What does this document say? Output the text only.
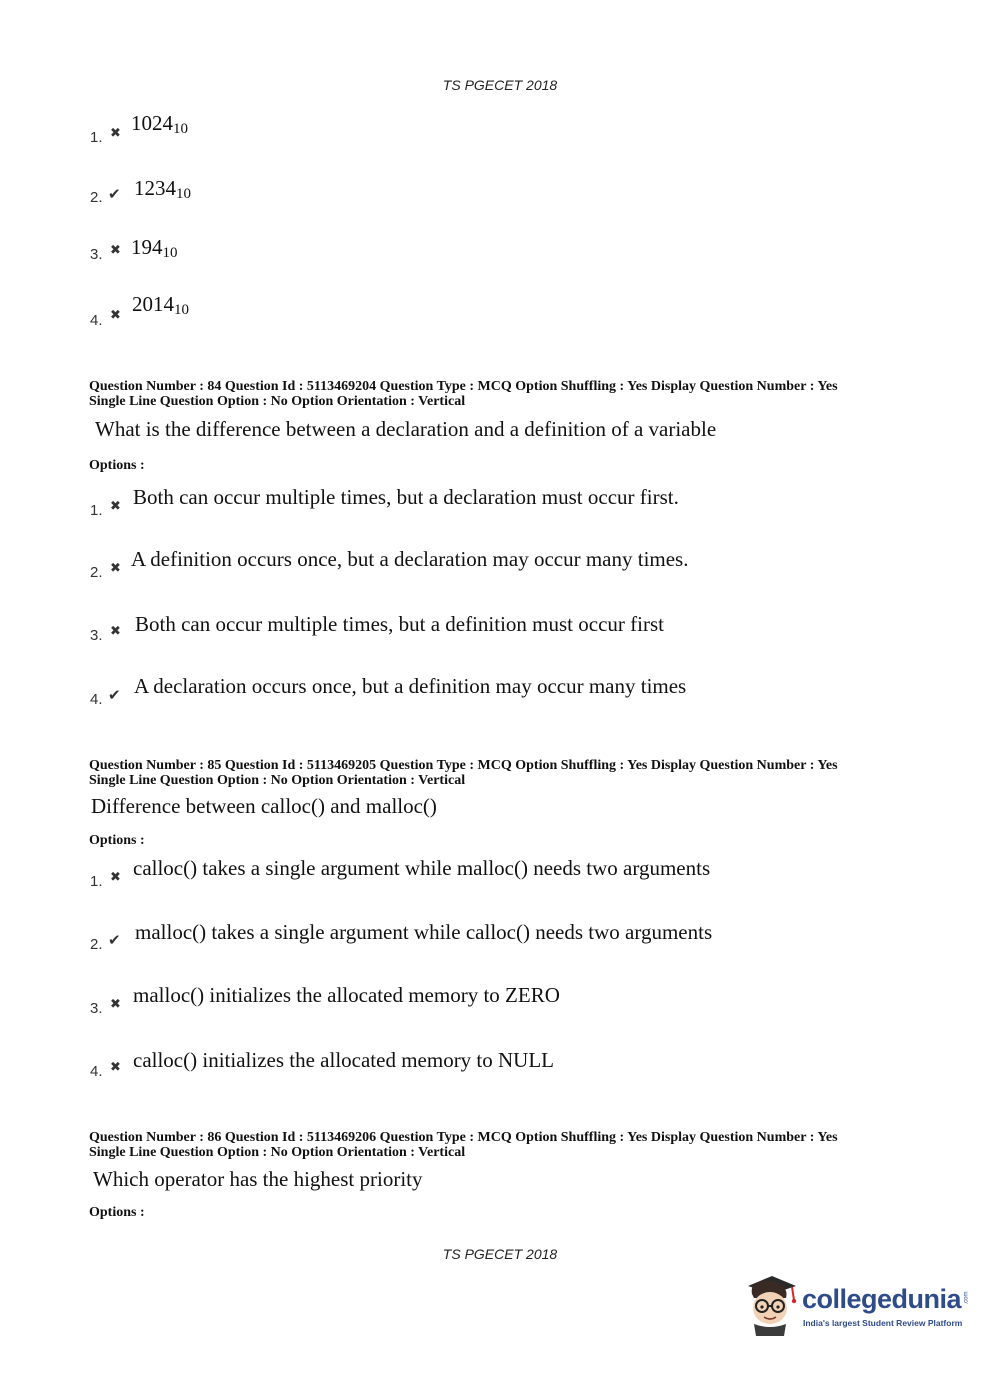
TS PGECET 2018
1. ✖ $1024_{10}$
2. ✔ $1234_{10}$
3. ✖ $194_{10}$
4. ✖ $2014_{10}$
Question Number : 84 Question Id : 5113469204 Question Type : MCQ Option Shuffling : Yes Display Question Number : Yes
Single Line Question Option : No Option Orientation : Vertical
What is the difference between a declaration and a definition of a variable
Options :
1. ✖ Both can occur multiple times, but a declaration must occur first.
2. ✖ A definition occurs once, but a declaration may occur many times.
3. ✖ Both can occur multiple times, but a definition must occur first
4. ✔ A declaration occurs once, but a definition may occur many times
Question Number : 85 Question Id : 5113469205 Question Type : MCQ Option Shuffling : Yes Display Question Number : Yes
Single Line Question Option : No Option Orientation : Vertical
Difference between calloc() and malloc()
Options :
1. ✖ calloc() takes a single argument while malloc() needs two arguments
2. ✔ malloc() takes a single argument while calloc() needs two arguments
3. ✖ malloc() initializes the allocated memory to ZERO
4. ✖ calloc() initializes the allocated memory to NULL
Question Number : 86 Question Id : 5113469206 Question Type : MCQ Option Shuffling : Yes Display Question Number : Yes
Single Line Question Option : No Option Orientation : Vertical
Which operator has the highest priority
Options :
TS PGECET 2018
collegedunia .com
India's largest Student Review Platform
